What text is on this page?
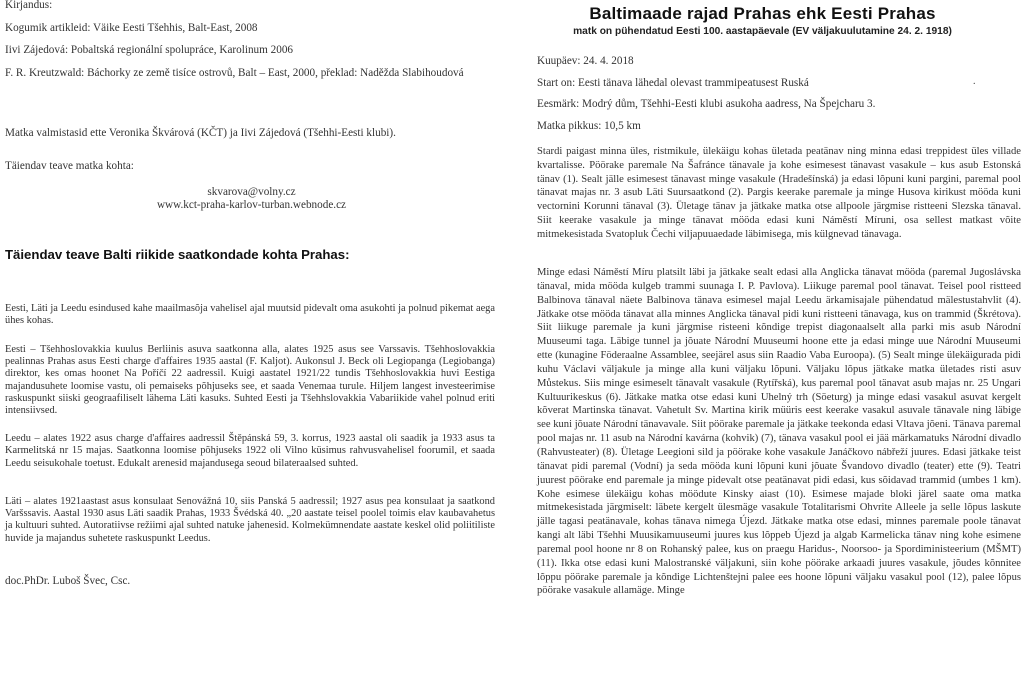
Kirjandus:

Kogumik artikleid: Väike Eesti Tšehhis, Balt-East, 2008

Iivi Zájedová: Pobaltská regionální spolupráce, Karolinum 2006

F. R. Kreutzwald: Báchorky ze země tisíce ostrovů, Balt – East, 2000, překlad: Naděžda Slabihoudová

Matka valmistasid ette Veronika Škvárová (KČT) ja Iivi Zájedová (Tšehhi-Eesti klubi).

Täiendav teave matka kohta:

skvarova@volny.cz

www.kct-praha-karlov-turban.webnode.cz

Täiendav teave Balti riikide saatkondade kohta Prahas:

Eesti, Läti ja Leedu esindused kahe maailmasõja vahelisel ajal muutsid pidevalt oma asukohti ja polnud pikemat aega ühes kohas.

Eesti – Tšehhoslovakkia kuulus Berliinis asuva saatkonna alla, alates 1925 asus see Varssavis. Tšehhoslovakkia pealinnas Prahas asus Eesti charge d'affaires 1935 aastal (F. Kaljot). Aukonsul J. Beck oli Legiopanga (Legiobanga) direktor, kes omas hoonet Na Poříčí 22 aadressil. Kuigi aastatel 1921/22 tundis Tšehhoslovakkia huvi Eestiga majandusuhete loomise vastu, oli pemaiseks põhjuseks see, et saada Venemaa turule. Hiljem langest investeerimise raskuspunkt siiski geograafiliselt lähema Läti kasuks. Suhted Eesti ja Tšehhslovakkia Vabariikide vahel polnud eriti intensiivsed.

Leedu – alates 1922 asus charge d'affaires aadressil Štěpánská 59, 3. korrus, 1923 aastal oli saadik ja 1933 asus ta Karmelitská nr 15 majas. Saatkonna loomise põhjuseks 1922 oli Vilno küsimus rahvusvahelisel foorumil, et saada Leedu seisukohale toetust. Edukalt arenesid majandusega seoud bilateraalsed suhted.

Läti – alates 1921aastast asus konsulaat Senovážná 10, siis Panská 5 aadressil; 1927 asus pea konsulaat ja saatkond Varšssavis. Aastal 1930 asus Läti saadik Prahas, 1933 Švédská 40. „20 aastate teisel poolel toimis elav kaubavahetus ja kultuuri suhted. Autoratiivse režiimi ajal suhted natuke jahenesid. Kolmekümnendate aastate keskel olid poliitiliste huvide ja majandus suhetete raskuspunkt Leedus.

doc.PhDr. Luboš Švec, Csc.

Baltimaade rajad Prahas ehk Eesti Prahas
matk on pühendatud Eesti 100. aastapäevale (EV väljakuulutamine 24. 2. 1918)

Kuupäev: 24. 4. 2018

Start on: Eesti tänava lähedal olevast trammipeatusest Ruská	.

Eesmärk: Modrý dům, Tšehhi-Eesti klubi asukoha aadress, Na Špejcharu 3.

Matka pikkus: 10,5 km

Stardi paigast minna üles, ristmikule, ülekäigu kohas ületada peatänav ning minna edasi treppidest üles villade kvartalisse. Pöörake paremale Na Šafránce tänavale ja kohe esimesest tänavast vasakule – kus asub Estonská tänav (1). Sealt jälle esimesest tänavast minge vasakule (Hradešínská) ja edasi lõpuni kuni pargini, paremal pool tänavat majas nr. 3 asub Läti Suursaatkond (2). Pargis keerake paremale ja minge Husova kirikust mööda kuni vectornini Korunni tänaval (3). Ületage tänav ja jätkake matka otse allpoole järgmise ristteeni Slezska tänaval. Siit keerake vasakule ja minge tänavat mööda edasi kuni Náměstí Míruni, osa sellest matkast võite mitmekesistada Svatopluk Čechi viljapuuaedade läbimisega, mis külgnevad tänavaga.

Minge edasi Náměstí Míru platsilt läbi ja jätkake sealt edasi alla Anglicka tänavat mööda (paremal Jugoslávska tänaval, mida mööda kulgeb trammi suunaga I. P. Pavlova). Liikuge paremal pool tänavat. Teisel pool ristteed Balbinova tänaval näete Balbinova tänava esimesel majal Leedu ärkamisajale pühendatud mälestustahvlit (4). Jätkake otse mööda tänavat alla minnes Anglicka tänaval pidi kuni ristteeni tänavaga, kus on trammid (Škrétova). Siit liikuge paremale ja kuni järgmise risteeni kõndige trepist diagonaalselt alla parki mis asub Národní Muuseumi taga. Läbige tunnel ja jõuate Národní Muuseumi hoone ette ja edasi minge uue Národní Muuseumi ette (kunagine Föderaalne Assamblee, seejärel asus siin Raadio Vaba Euroopa). (5) Sealt minge ülekäigurada pidi kuhu Václavi väljakule ja minge alla kuni väljaku lõpuni. Väljaku lõpus jätkake matka ületades risti asuv Můstekus. Siis minge esimeselt tänavalt vasakule (Rytířská), kus paremal pool tänavat asub majas nr. 25 Ungari Kultuurikeskus (6). Jätkake matka otse edasi kuni Uhelný trh (Söeturg) ja minge edasi vasakul asuvat kergelt kõverat Martinska tänavat. Vahetult Sv. Martina kirik müüris eest keerake vasakul asuvale tänavale ning läbige see kuni jõuate Národní tänavavale. Siit pöörake paremale ja jätkake teekonda edasi Vltava jõeni. Tänava paremal pool majas nr. 11 asub na Národní kavárna (kohvik) (7), tänava vasakul pool ei jää märkamatuks Národní divadlo (Rahvusteater) (8). Ületage Leegioni sild ja pöörake kohe vasakule Janáčkovo nábřeží juures. Edasi jätkake teist tänavat pidi paremal (Vodní) ja seda mööda kuni lõpuni kuni jõuate Švandovo divadlo (teater) ette (9). Teatri juurest pöörake end paremale ja minge pidevalt otse peatänavat pidi edasi, kus sõidavad trammid (umbes 1 km). Kohe esimese ülekäigu kohas möödute Kinsky aiast (10). Esimese majade bloki järel saate oma matka mitmekesistada järgmiselt: läbete kergelt ülesmäge vasakule Totalitarismi Ohvrite Alleele ja selle lõpus laskute jälle tagasi peatänavale, kohas tänava nimega Újezd. Jätkake matka otse edasi, minnes paremale poole tänavat kangi alt läbi Tšehhi Muusikamuuseumi juures kus lõppeb Újezd ja algab Karmelicka tänav ning kohe esimene paremal pool hoone nr 8 on Rohanský palee, kus on praegu Haridus-, Noorsoo- ja Spordiministeerium (MŠMT) (11). Ikka otse edasi kuni Malostranské väljakuni, siin kohe pöörake arkaadi juures vasakule, jõudes kõnnitee lõppu pöörake paremale ja kõndige Lichtenštejni palee ees hoone lõpuni väljaku vasakul pool (12), palee lõpus pöörake vasakule allamäge. Minge
